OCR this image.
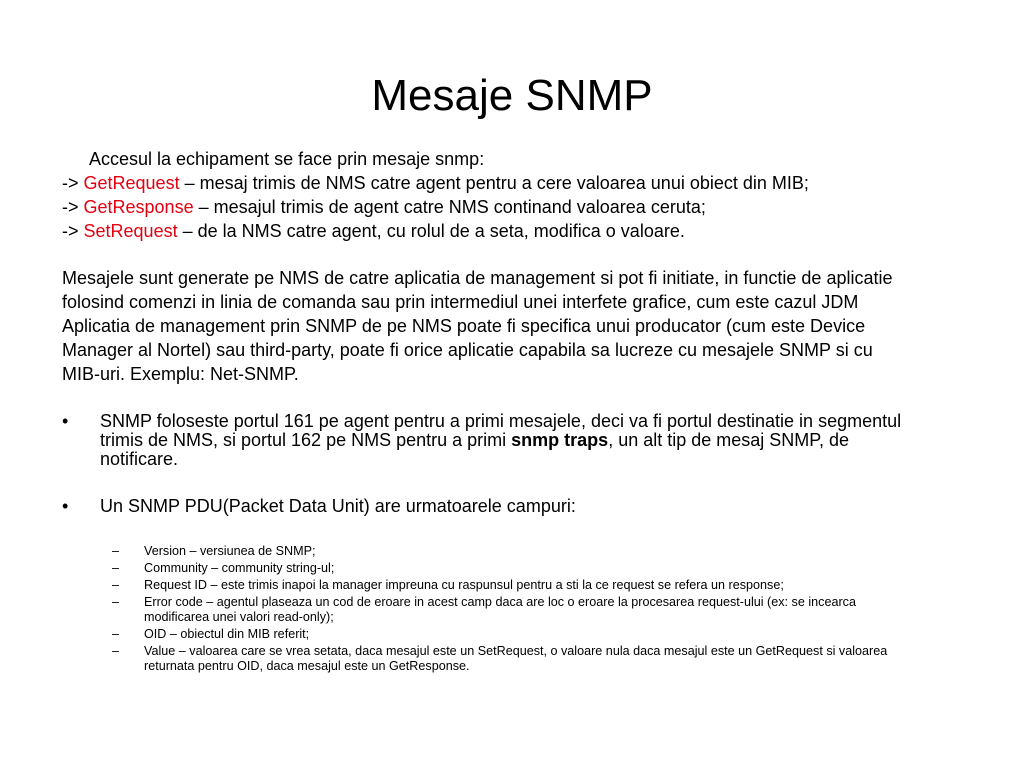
Mesaje SNMP
Accesul la echipament se face prin mesaje snmp:
-> GetRequest – mesaj trimis de NMS catre agent pentru a cere valoarea unui obiect din MIB;
-> GetResponse – mesajul trimis de agent catre NMS continand valoarea ceruta;
-> SetRequest – de la NMS catre agent, cu rolul de a seta, modifica o valoare.
Mesajele sunt generate pe NMS de catre aplicatia de management si pot fi initiate, in functie de aplicatie
folosind comenzi in linia de comanda sau prin intermediul unei interfete grafice, cum este cazul JDM
Aplicatia de management prin SNMP de pe NMS poate fi specifica unui producator (cum este Device
Manager al Nortel) sau third-party, poate fi orice aplicatie capabila sa lucreze cu mesajele SNMP si cu
MIB-uri. Exemplu: Net-SNMP.
• SNMP foloseste portul 161 pe agent pentru a primi mesajele, deci va fi portul destinatie in segmentul
trimis de NMS, si portul 162 pe NMS pentru a primi snmp traps, un alt tip de mesaj SNMP, de
notificare.
• Un SNMP PDU(Packet Data Unit) are urmatoarele campuri:
– Version – versiunea de SNMP;
– Community – community string-ul;
– Request ID – este trimis inapoi la manager impreuna cu raspunsul pentru a sti la ce request se refera un response;
– Error code – agentul plaseaza un cod de eroare in acest camp daca are loc o eroare la procesarea request-ului (ex: se incearca
modificarea unei valori read-only);
– OID – obiectul din MIB referit;
– Value – valoarea care se vrea setata, daca mesajul este un SetRequest, o valoare nula daca mesajul este un GetRequest si valoarea
returnata pentru OID, daca mesajul este un GetResponse.
